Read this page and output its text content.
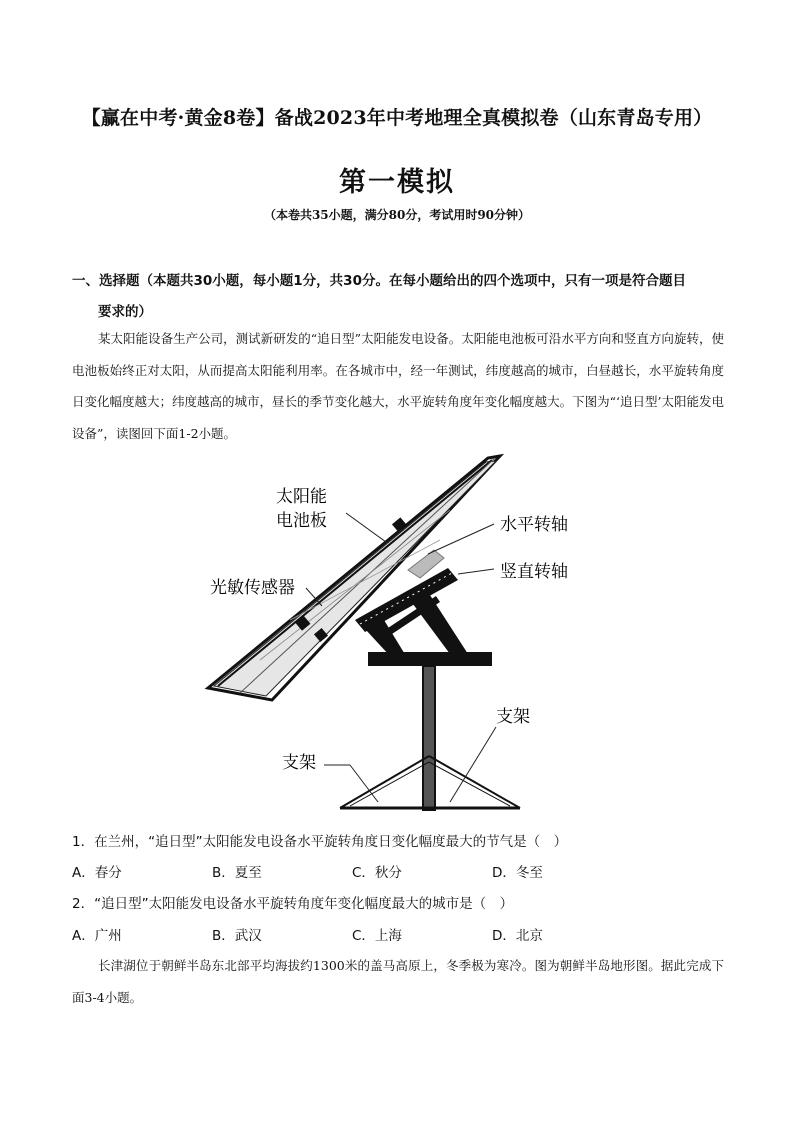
【赢在中考·黄金8卷】备战2023年中考地理全真模拟卷（山东青岛专用）
第一模拟
（本卷共35小题，满分80分，考试用时90分钟）
一、选择题（本题共30小题，每小题1分，共30分。在每小题给出的四个选项中，只有一项是符合题目
要求的）
某太阳能设备生产公司，测试新研发的“追日型”太阳能发电设备。太阳能电池板可沿水平方向和竖直方向旋转，使电池板始终正对太阳，从而提高太阳能利用率。在各城市中，经一年测试，纬度越高的城市，白昼越长，水平旋转角度日变化幅度越大；纬度越高的城市，昼长的季节变化越大，水平旋转角度年变化幅度越大。下图为“‘追日型’太阳能发电设备”，读图回下面1-2小题。
太阳能
电池板	水平转轴
竖直转轴
光敏传感器
支架
支架
1．在兰州，“追日型”太阳能发电设备水平旋转角度日变化幅度最大的节气是（　）
A．春分	B．夏至	C．秋分	D．冬至
2．“追日型”太阳能发电设备水平旋转角度年变化幅度最大的城市是（　）
A．广州	B．武汉	C．上海	D．北京
长津湖位于朝鲜半岛东北部平均海拔约1300米的盖马高原上，冬季极为寒冷。图为朝鲜半岛地形图。据此完成下面3-4小题。
